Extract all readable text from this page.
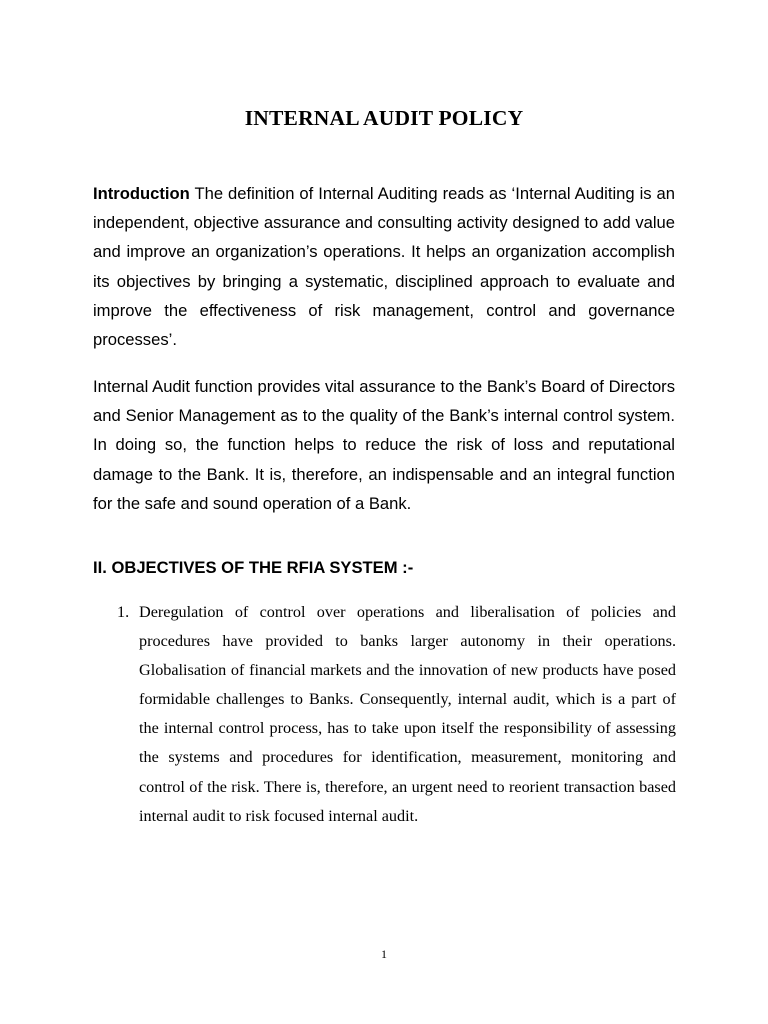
INTERNAL AUDIT POLICY

Introduction The definition of Internal Auditing reads as ‘Internal Auditing is an independent, objective assurance and consulting activity designed to add value and improve an organization’s operations. It helps an organization accomplish its objectives by bringing a systematic, disciplined approach to evaluate and improve the effectiveness of risk management, control and governance processes’.

Internal Audit function provides vital assurance to the Bank’s Board of Directors and Senior Management as to the quality of the Bank’s internal control system. In doing so, the function helps to reduce the risk of loss and reputational damage to the Bank. It is, therefore, an indispensable and an integral function for the safe and sound operation of a Bank.

II. OBJECTIVES OF THE RFIA SYSTEM :-
1. Deregulation of control over operations and liberalisation of policies and procedures have provided to banks larger autonomy in their operations. Globalisation of financial markets and the innovation of new products have posed formidable challenges to Banks. Consequently, internal audit, which is a part of the internal control process, has to take upon itself the responsibility of assessing the systems and procedures for identification, measurement, monitoring and control of the risk. There is, therefore, an urgent need to reorient transaction based internal audit to risk focused internal audit.

1
